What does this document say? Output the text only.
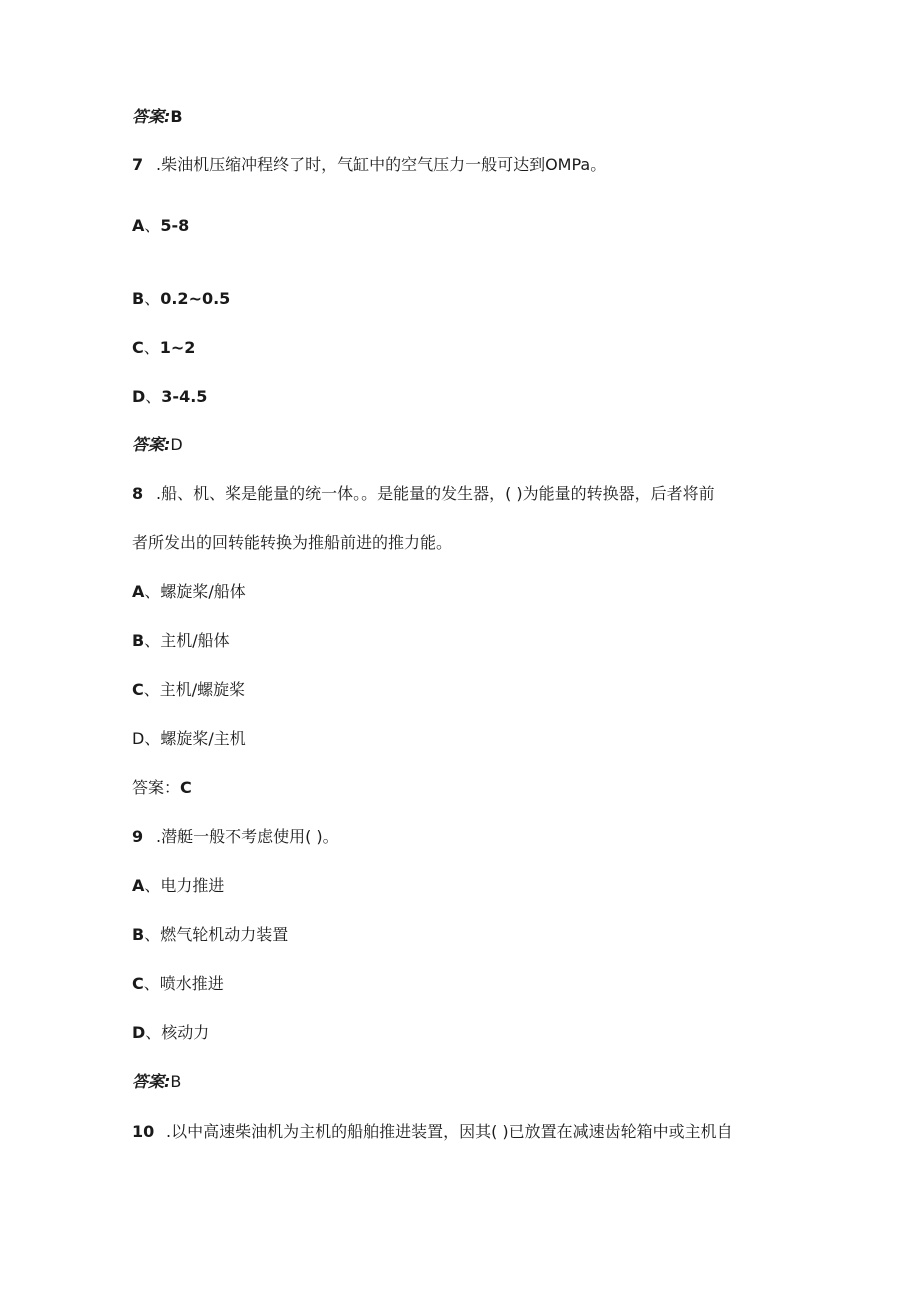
答案:B
7 .柴油机压缩冲程终了时，气缸中的空气压力一般可达到OMPa。
A、5-8
B、0.2~0.5
C、1~2
D、3-4.5
答案:D
8 .船、机、桨是能量的统一体。。是能量的发生器，( )为能量的转换器，后者将前
者所发出的回转能转换为推船前进的推力能。
A、螺旋桨/船体
B、主机/船体
C、主机/螺旋桨
D、螺旋桨/主机
答案：C
9 .潜艇一般不考虑使用( )。
A、电力推进
B、燃气轮机动力装置
C、喷水推进
D、核动力
答案:B
10 .以中高速柴油机为主机的船舶推进装置，因其( )已放置在减速齿轮箱中或主机自
